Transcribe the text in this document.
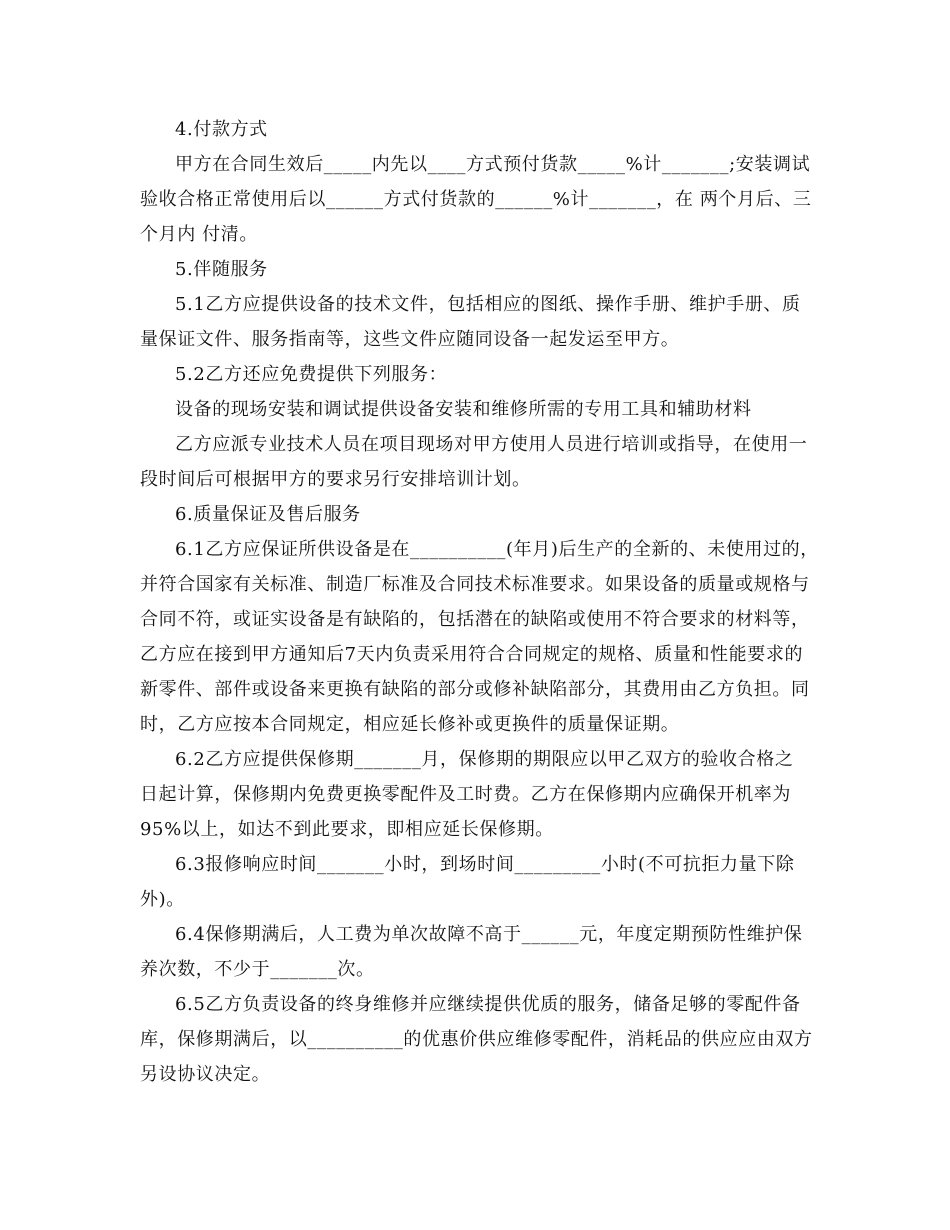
4.付款方式
甲方在合同生效后_____内先以____方式预付货款_____%计_______;安装调试
验收合格正常使用后以______方式付货款的______%计_______，在 两个月后、三
个月内 付清。
5.伴随服务
5.1乙方应提供设备的技术文件，包括相应的图纸、操作手册、维护手册、质
量保证文件、服务指南等，这些文件应随同设备一起发运至甲方。
5.2乙方还应免费提供下列服务：
设备的现场安装和调试提供设备安装和维修所需的专用工具和辅助材料
乙方应派专业技术人员在项目现场对甲方使用人员进行培训或指导，在使用一
段时间后可根据甲方的要求另行安排培训计划。
6.质量保证及售后服务
6.1乙方应保证所供设备是在__________(年月)后生产的全新的、未使用过的，
并符合国家有关标准、制造厂标准及合同技术标准要求。如果设备的质量或规格与
合同不符，或证实设备是有缺陷的，包括潜在的缺陷或使用不符合要求的材料等，
乙方应在接到甲方通知后7天内负责采用符合合同规定的规格、质量和性能要求的
新零件、部件或设备来更换有缺陷的部分或修补缺陷部分，其费用由乙方负担。同
时，乙方应按本合同规定，相应延长修补或更换件的质量保证期。
6.2乙方应提供保修期_______月，保修期的期限应以甲乙双方的验收合格之
日起计算，保修期内免费更换零配件及工时费。乙方在保修期内应确保开机率为
95%以上，如达不到此要求，即相应延长保修期。
6.3报修响应时间_______小时，到场时间_________小时(不可抗拒力量下除
外)。
6.4保修期满后，人工费为单次故障不高于______元，年度定期预防性维护保
养次数，不少于_______次。
6.5乙方负责设备的终身维修并应继续提供优质的服务，储备足够的零配件备
库，保修期满后，以__________的优惠价供应维修零配件，消耗品的供应应由双方
另设协议决定。
